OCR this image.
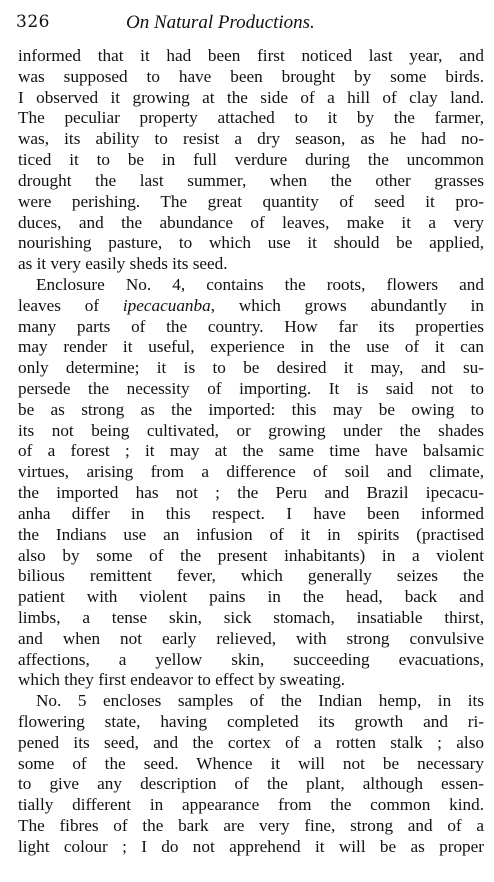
326	On Natural Productions.
informed that it had been first noticed last year, and
was supposed to have been brought by some birds.
I observed it growing at the side of a hill of clay land.
The peculiar property attached to it by the farmer,
was, its ability to resist a dry season, as he had no-
ticed it to be in full verdure during the uncommon
drought the last summer, when the other grasses
were perishing. The great quantity of seed it pro-
duces, and the abundance of leaves, make it a very
nourishing pasture, to which use it should be applied,
as it very easily sheds its seed.
Enclosure No. 4, contains the roots, flowers and
leaves of ipecacuanba, which grows abundantly in
many parts of the country. How far its properties
may render it useful, experience in the use of it can
only determine; it is to be desired it may, and su-
persede the necessity of importing. It is said not to
be as strong as the imported: this may be owing to
its not being cultivated, or growing under the shades
of a forest ; it may at the same time have balsamic
virtues, arising from a difference of soil and climate,
the imported has not ; the Peru and Brazil ipecacu-
anha differ in this respect. I have been informed
the Indians use an infusion of it in spirits (practised
also by some of the present inhabitants) in a violent
bilious remittent fever, which generally seizes the
patient with violent pains in the head, back and
limbs, a tense skin, sick stomach, insatiable thirst,
and when not early relieved, with strong convulsive
affections, a yellow skin, succeeding evacuations,
which they first endeavor to effect by sweating.
No. 5 encloses samples of the Indian hemp, in its
flowering state, having completed its growth and ri-
pened its seed, and the cortex of a rotten stalk ; also
some of the seed. Whence it will not be necessary
to give any description of the plant, although essen-
tially different in appearance from the common kind.
The fibres of the bark are very fine, strong and of a
light colour ; I do not apprehend it will be as proper
